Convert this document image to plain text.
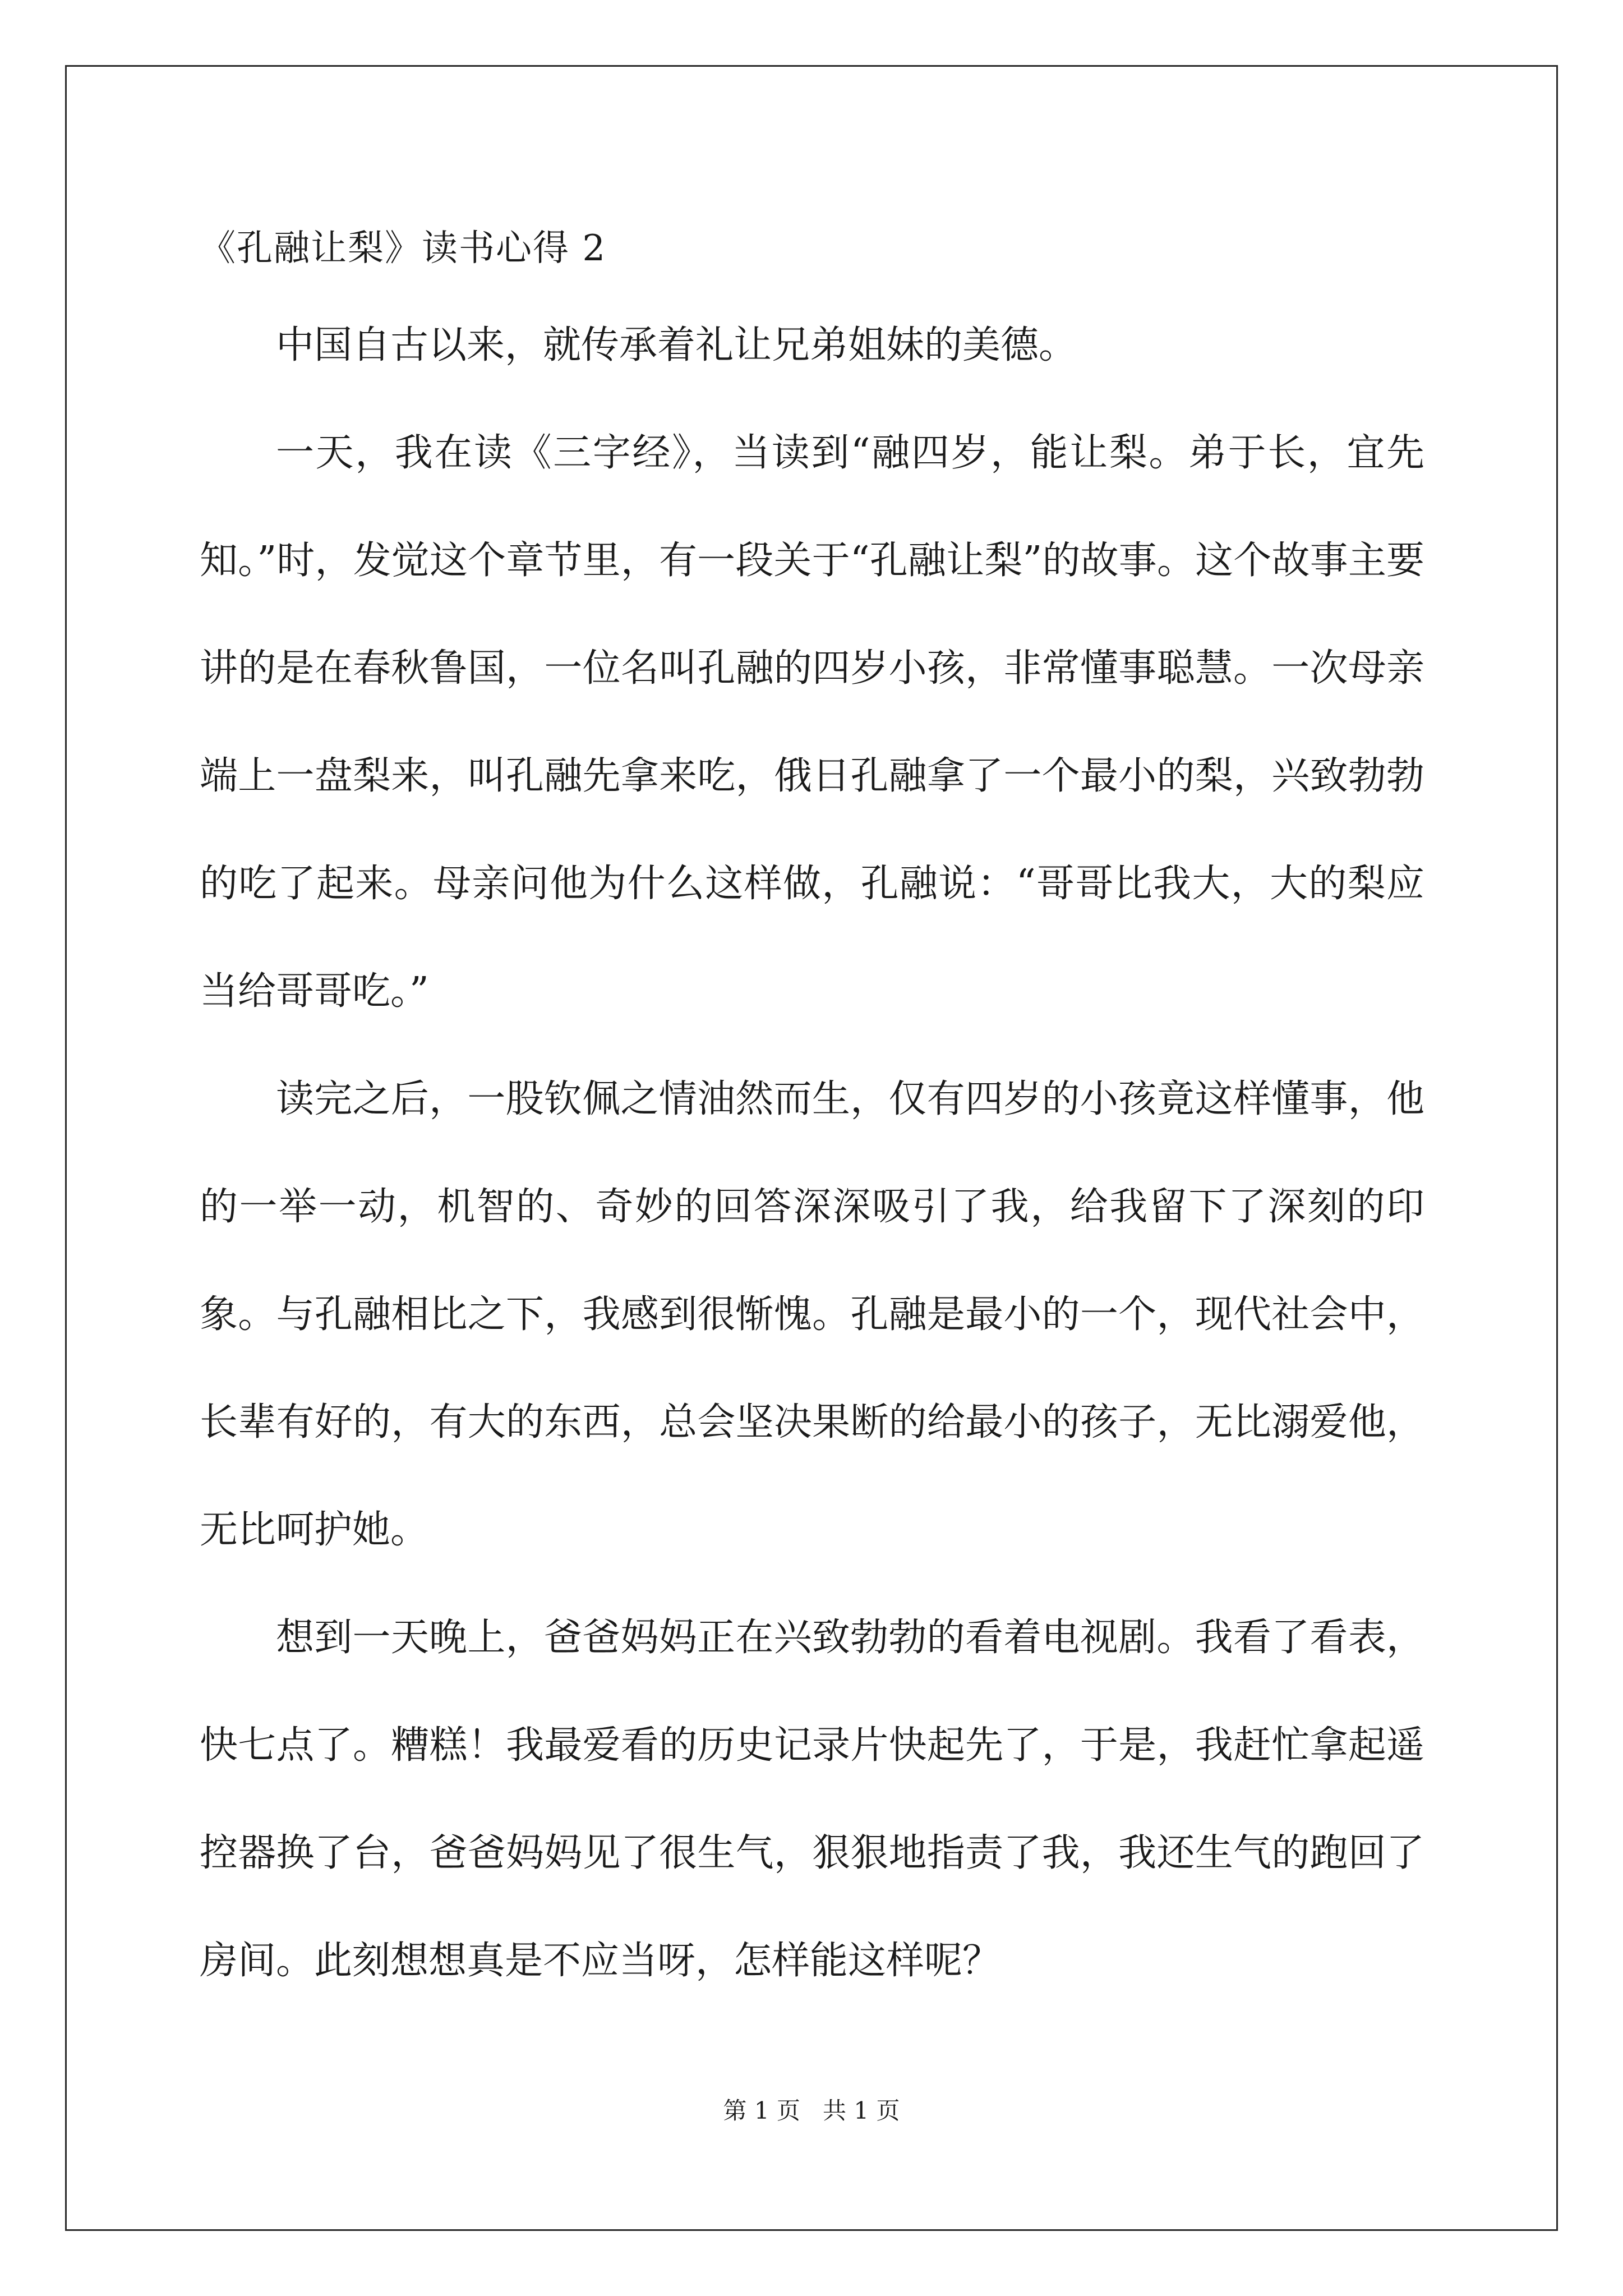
《孔融让梨》读书心得 2

中国自古以来，就传承着礼让兄弟姐妹的美德。

一天，我在读《三字经》，当读到“融四岁，能让梨。弟于长，宜先知。”时，发觉这个章节里，有一段关于“孔融让梨”的故事。这个故事主要讲的是在春秋鲁国，一位名叫孔融的四岁小孩，非常懂事聪慧。一次母亲端上一盘梨来，叫孔融先拿来吃，俄日孔融拿了一个最小的梨，兴致勃勃的吃了起来。母亲问他为什么这样做，孔融说：“哥哥比我大，大的梨应当给哥哥吃。”

读完之后，一股钦佩之情油然而生，仅有四岁的小孩竟这样懂事，他的一举一动，机智的、奇妙的回答深深吸引了我，给我留下了深刻的印象。与孔融相比之下，我感到很惭愧。孔融是最小的一个，现代社会中，长辈有好的，有大的东西，总会坚决果断的给最小的孩子，无比溺爱他，无比呵护她。

想到一天晚上，爸爸妈妈正在兴致勃勃的看着电视剧。我看了看表，快七点了。糟糕！我最爱看的历史记录片快起先了，于是，我赶忙拿起遥控器换了台，爸爸妈妈见了很生气，狠狠地指责了我，我还生气的跑回了房间。此刻想想真是不应当呀，怎样能这样呢？

第 1 页   共 1 页
